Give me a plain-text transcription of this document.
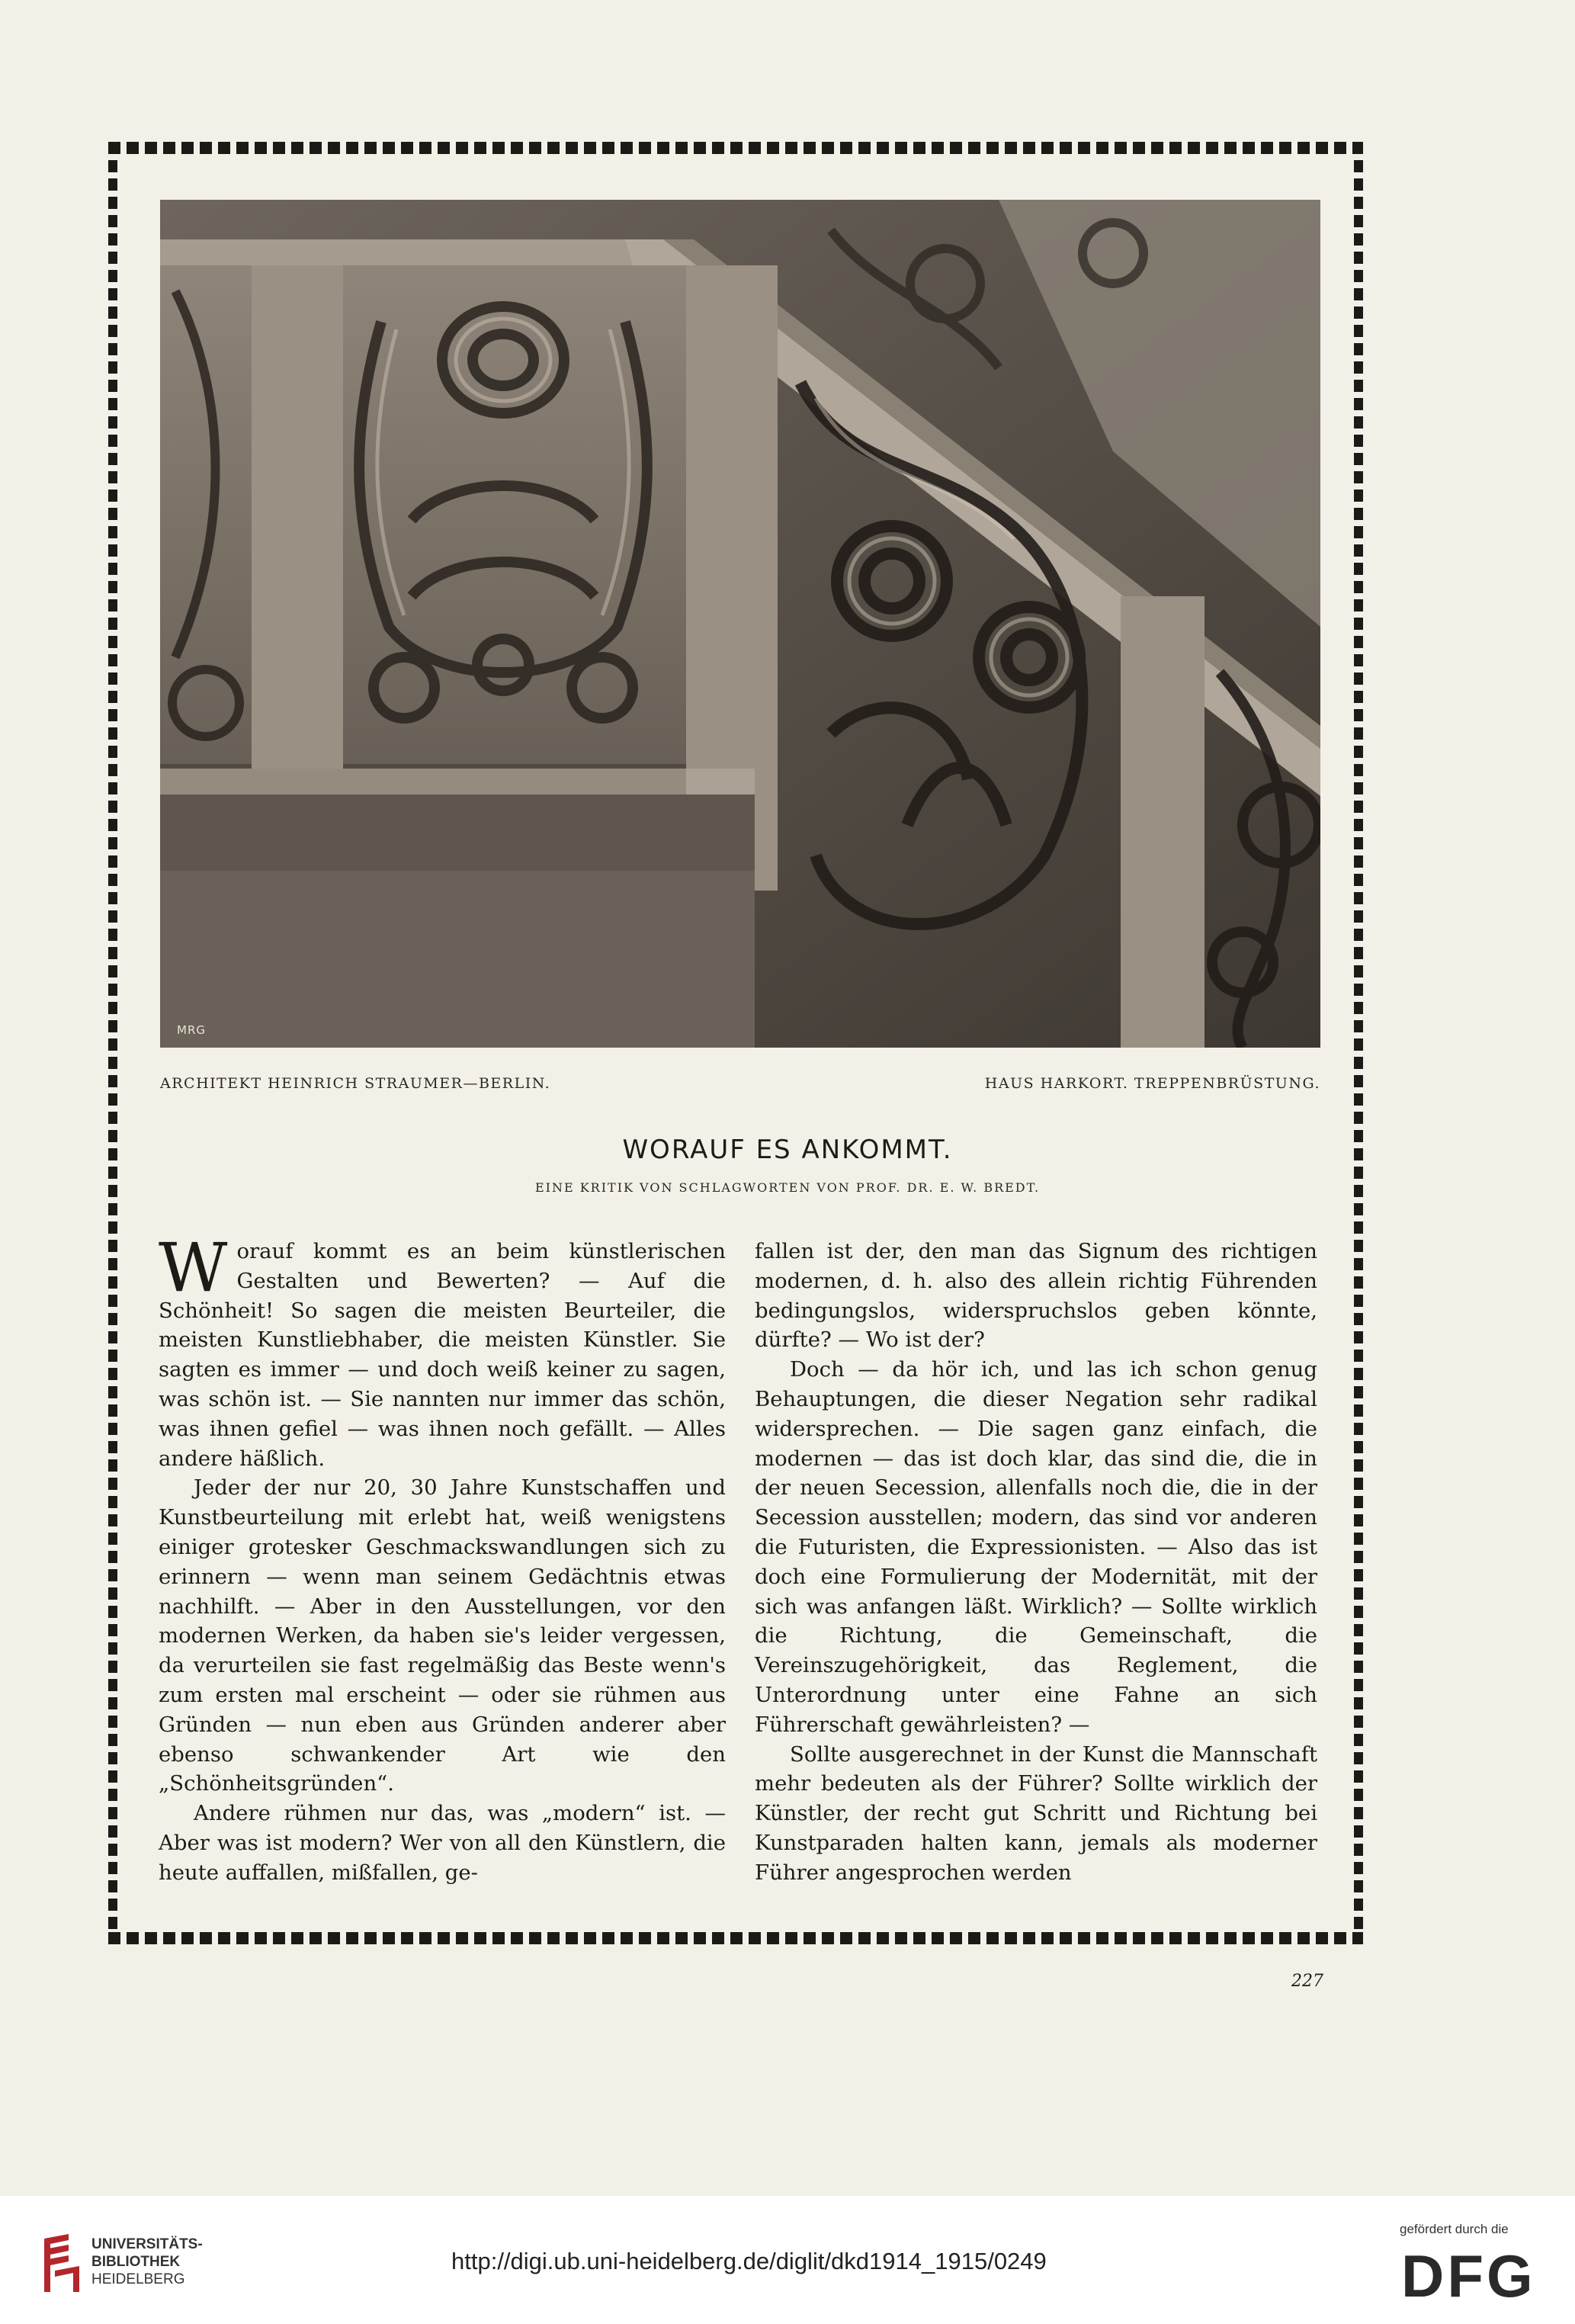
MRG
ARCHITEKT HEINRICH STRAUMER—BERLIN.	HAUS HARKORT. TREPPENBRÜSTUNG.
WORAUF ES ANKOMMT.
EINE KRITIK VON SCHLAGWORTEN VON PROF. DR. E. W. BREDT.

Worauf kommt es an beim künstlerischen Gestalten und Bewerten? — Auf die Schönheit! So sagen die meisten Beurteiler, die meisten Kunstliebhaber, die meisten Künstler. Sie sagten es immer — und doch weiß keiner zu sagen, was schön ist. — Sie nannten nur immer das schön, was ihnen gefiel — was ihnen noch gefällt. — Alles andere häßlich.

Jeder der nur 20, 30 Jahre Kunstschaffen und Kunstbeurteilung mit erlebt hat, weiß wenigstens einiger grotesker Geschmackswandlungen sich zu erinnern — wenn man seinem Gedächtnis etwas nachhilft. — Aber in den Ausstellungen, vor den modernen Werken, da haben sie's leider vergessen, da verurteilen sie fast regelmäßig das Beste wenn's zum ersten mal erscheint — oder sie rühmen aus Gründen — nun eben aus Gründen anderer aber ebenso schwankender Art wie den „Schönheitsgründen“.

Andere rühmen nur das, was „modern“ ist. — Aber was ist modern? Wer von all den Künstlern, die heute auffallen, mißfallen, ge-

fallen ist der, den man das Signum des richtigen modernen, d. h. also des allein richtig Führenden bedingungslos, widerspruchslos geben könnte, dürfte? — Wo ist der?

Doch — da hör ich, und las ich schon genug Behauptungen, die dieser Negation sehr radikal widersprechen. — Die sagen ganz einfach, die modernen — das ist doch klar, das sind die, die in der neuen Secession, allenfalls noch die, die in der Secession ausstellen; modern, das sind vor anderen die Futuristen, die Expressionisten. — Also das ist doch eine Formulierung der Modernität, mit der sich was anfangen läßt. Wirklich? — Sollte wirklich die Richtung, die Gemeinschaft, die Vereinszugehörigkeit, das Reglement, die Unterordnung unter eine Fahne an sich Führerschaft gewährleisten? —

Sollte ausgerechnet in der Kunst die Mannschaft mehr bedeuten als der Führer? Sollte wirklich der Künstler, der recht gut Schritt und Richtung bei Kunstparaden halten kann, jemals als moderner Führer angesprochen werden

227
UNIVERSITÄTS-
BIBLIOTHEK
HEIDELBERG
http://digi.ub.uni-heidelberg.de/diglit/dkd1914_1915/0249
gefördert durch die
DFG
